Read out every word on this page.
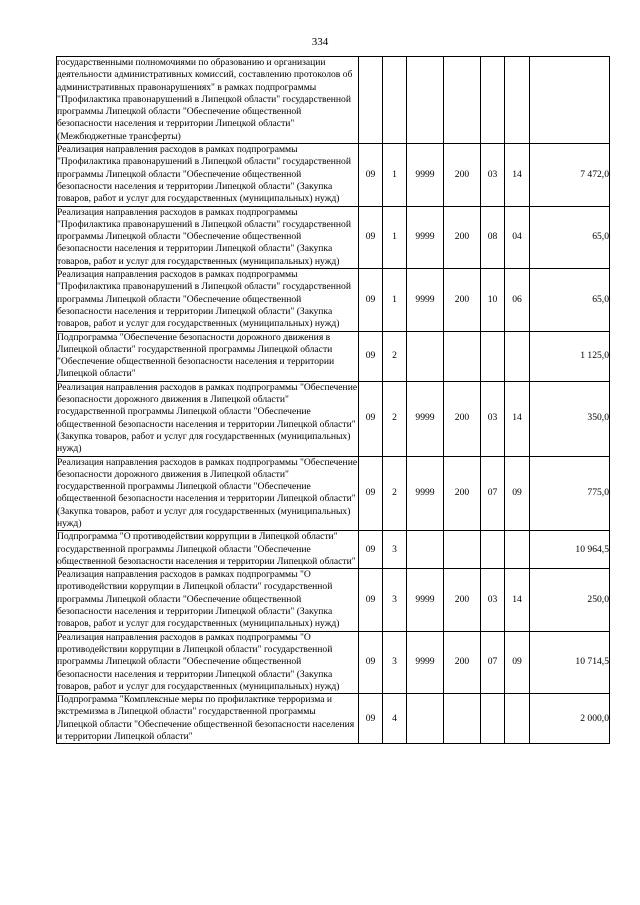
334
государственными полномочиями по образованию и организации деятельности административных комиссий, составлению протоколов об административных правонарушениях" в рамках подпрограммы "Профилактика правонарушений в Липецкой области" государственной программы Липецкой области "Обеспечение общественной безопасности населения и территории Липецкой области" (Межбюджетные трансферты)							
Реализация направления расходов в рамках подпрограммы "Профилактика правонарушений в Липецкой области" государственной программы Липецкой области "Обеспечение общественной безопасности населения и территории Липецкой области" (Закупка товаров, работ и услуг для государственных (муниципальных) нужд)	09	1	9999	200	03	14	7 472,0
Реализация направления расходов в рамках подпрограммы "Профилактика правонарушений в Липецкой области" государственной программы Липецкой области "Обеспечение общественной безопасности населения и территории Липецкой области" (Закупка товаров, работ и услуг для государственных (муниципальных) нужд)	09	1	9999	200	08	04	65,0
Реализация направления расходов в рамках подпрограммы "Профилактика правонарушений в Липецкой области" государственной программы Липецкой области "Обеспечение общественной безопасности населения и территории Липецкой области" (Закупка товаров, работ и услуг для государственных (муниципальных) нужд)	09	1	9999	200	10	06	65,0
Подпрограмма "Обеспечение безопасности дорожного движения в Липецкой области" государственной программы Липецкой области "Обеспечение общественной безопасности населения и территории Липецкой области"	09	2					1 125,0
Реализация направления расходов в рамках подпрограммы "Обеспечение безопасности дорожного движения в Липецкой области" государственной программы Липецкой области "Обеспечение общественной безопасности населения и территории Липецкой области" (Закупка товаров, работ и услуг для государственных (муниципальных) нужд)	09	2	9999	200	03	14	350,0
Реализация направления расходов в рамках подпрограммы "Обеспечение безопасности дорожного движения в Липецкой области" государственной программы Липецкой области "Обеспечение общественной безопасности населения и территории Липецкой области" (Закупка товаров, работ и услуг для государственных (муниципальных) нужд)	09	2	9999	200	07	09	775,0
Подпрограмма "О противодействии коррупции в Липецкой области" государственной программы Липецкой области "Обеспечение общественной безопасности населения и территории Липецкой области"	09	3					10 964,5
Реализация направления расходов в рамках подпрограммы "О противодействии коррупции в Липецкой области" государственной программы Липецкой области "Обеспечение общественной безопасности населения и территории Липецкой области" (Закупка товаров, работ и услуг для государственных (муниципальных) нужд)	09	3	9999	200	03	14	250,0
Реализация направления расходов в рамках подпрограммы "О противодействии коррупции в Липецкой области" государственной программы Липецкой области "Обеспечение общественной безопасности населения и территории Липецкой области" (Закупка товаров, работ и услуг для государственных (муниципальных) нужд)	09	3	9999	200	07	09	10 714,5
Подпрограмма "Комплексные меры по профилактике терроризма и экстремизма в Липецкой области" государственной программы Липецкой области "Обеспечение общественной безопасности населения и территории Липецкой области"	09	4					2 000,0
